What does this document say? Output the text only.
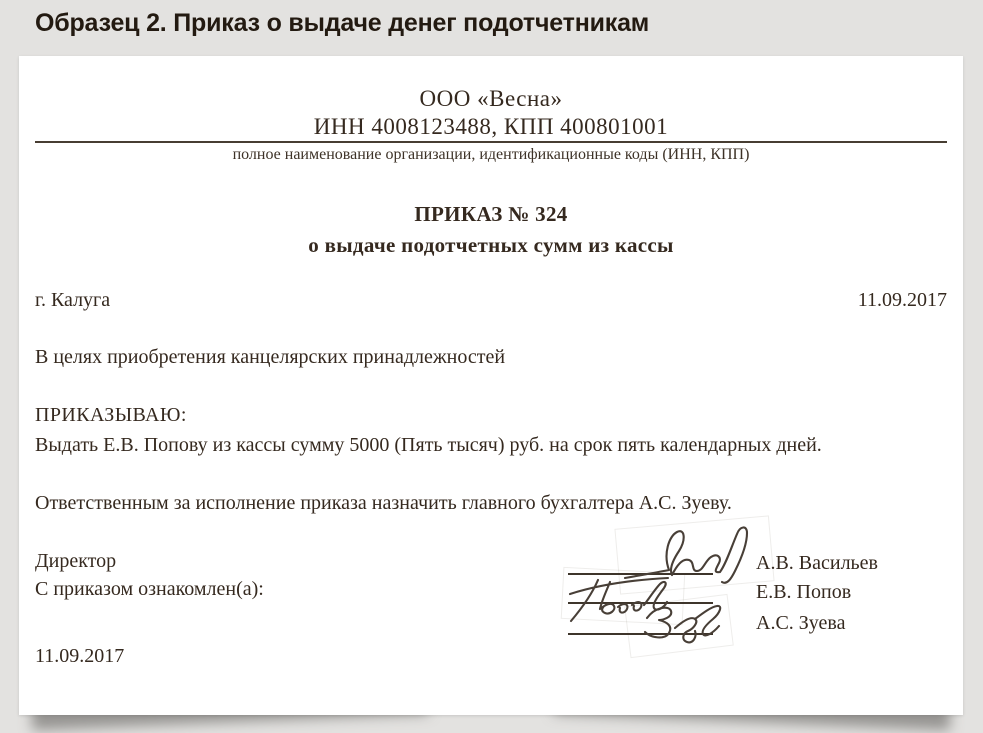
Образец 2. Приказ о выдаче денег подотчетникам
ООО «Весна»
ИНН 4008123488, КПП 400801001
полное наименование организации, идентификационные коды (ИНН, КПП)
ПРИКАЗ № 324
о выдаче подотчетных сумм из кассы
г. Калуга	11.09.2017
В целях приобретения канцелярских принадлежностей
ПРИКАЗЫВАЮ:
Выдать Е.В. Попову из кассы сумму 5000 (Пять тысяч) руб. на срок пять календарных дней.
Ответственным за исполнение приказа назначить главного бухгалтера А.С. Зуеву.
Директор
С приказом ознакомлен(а):
А.В. Васильев
Е.В. Попов
А.С. Зуева
11.09.2017
